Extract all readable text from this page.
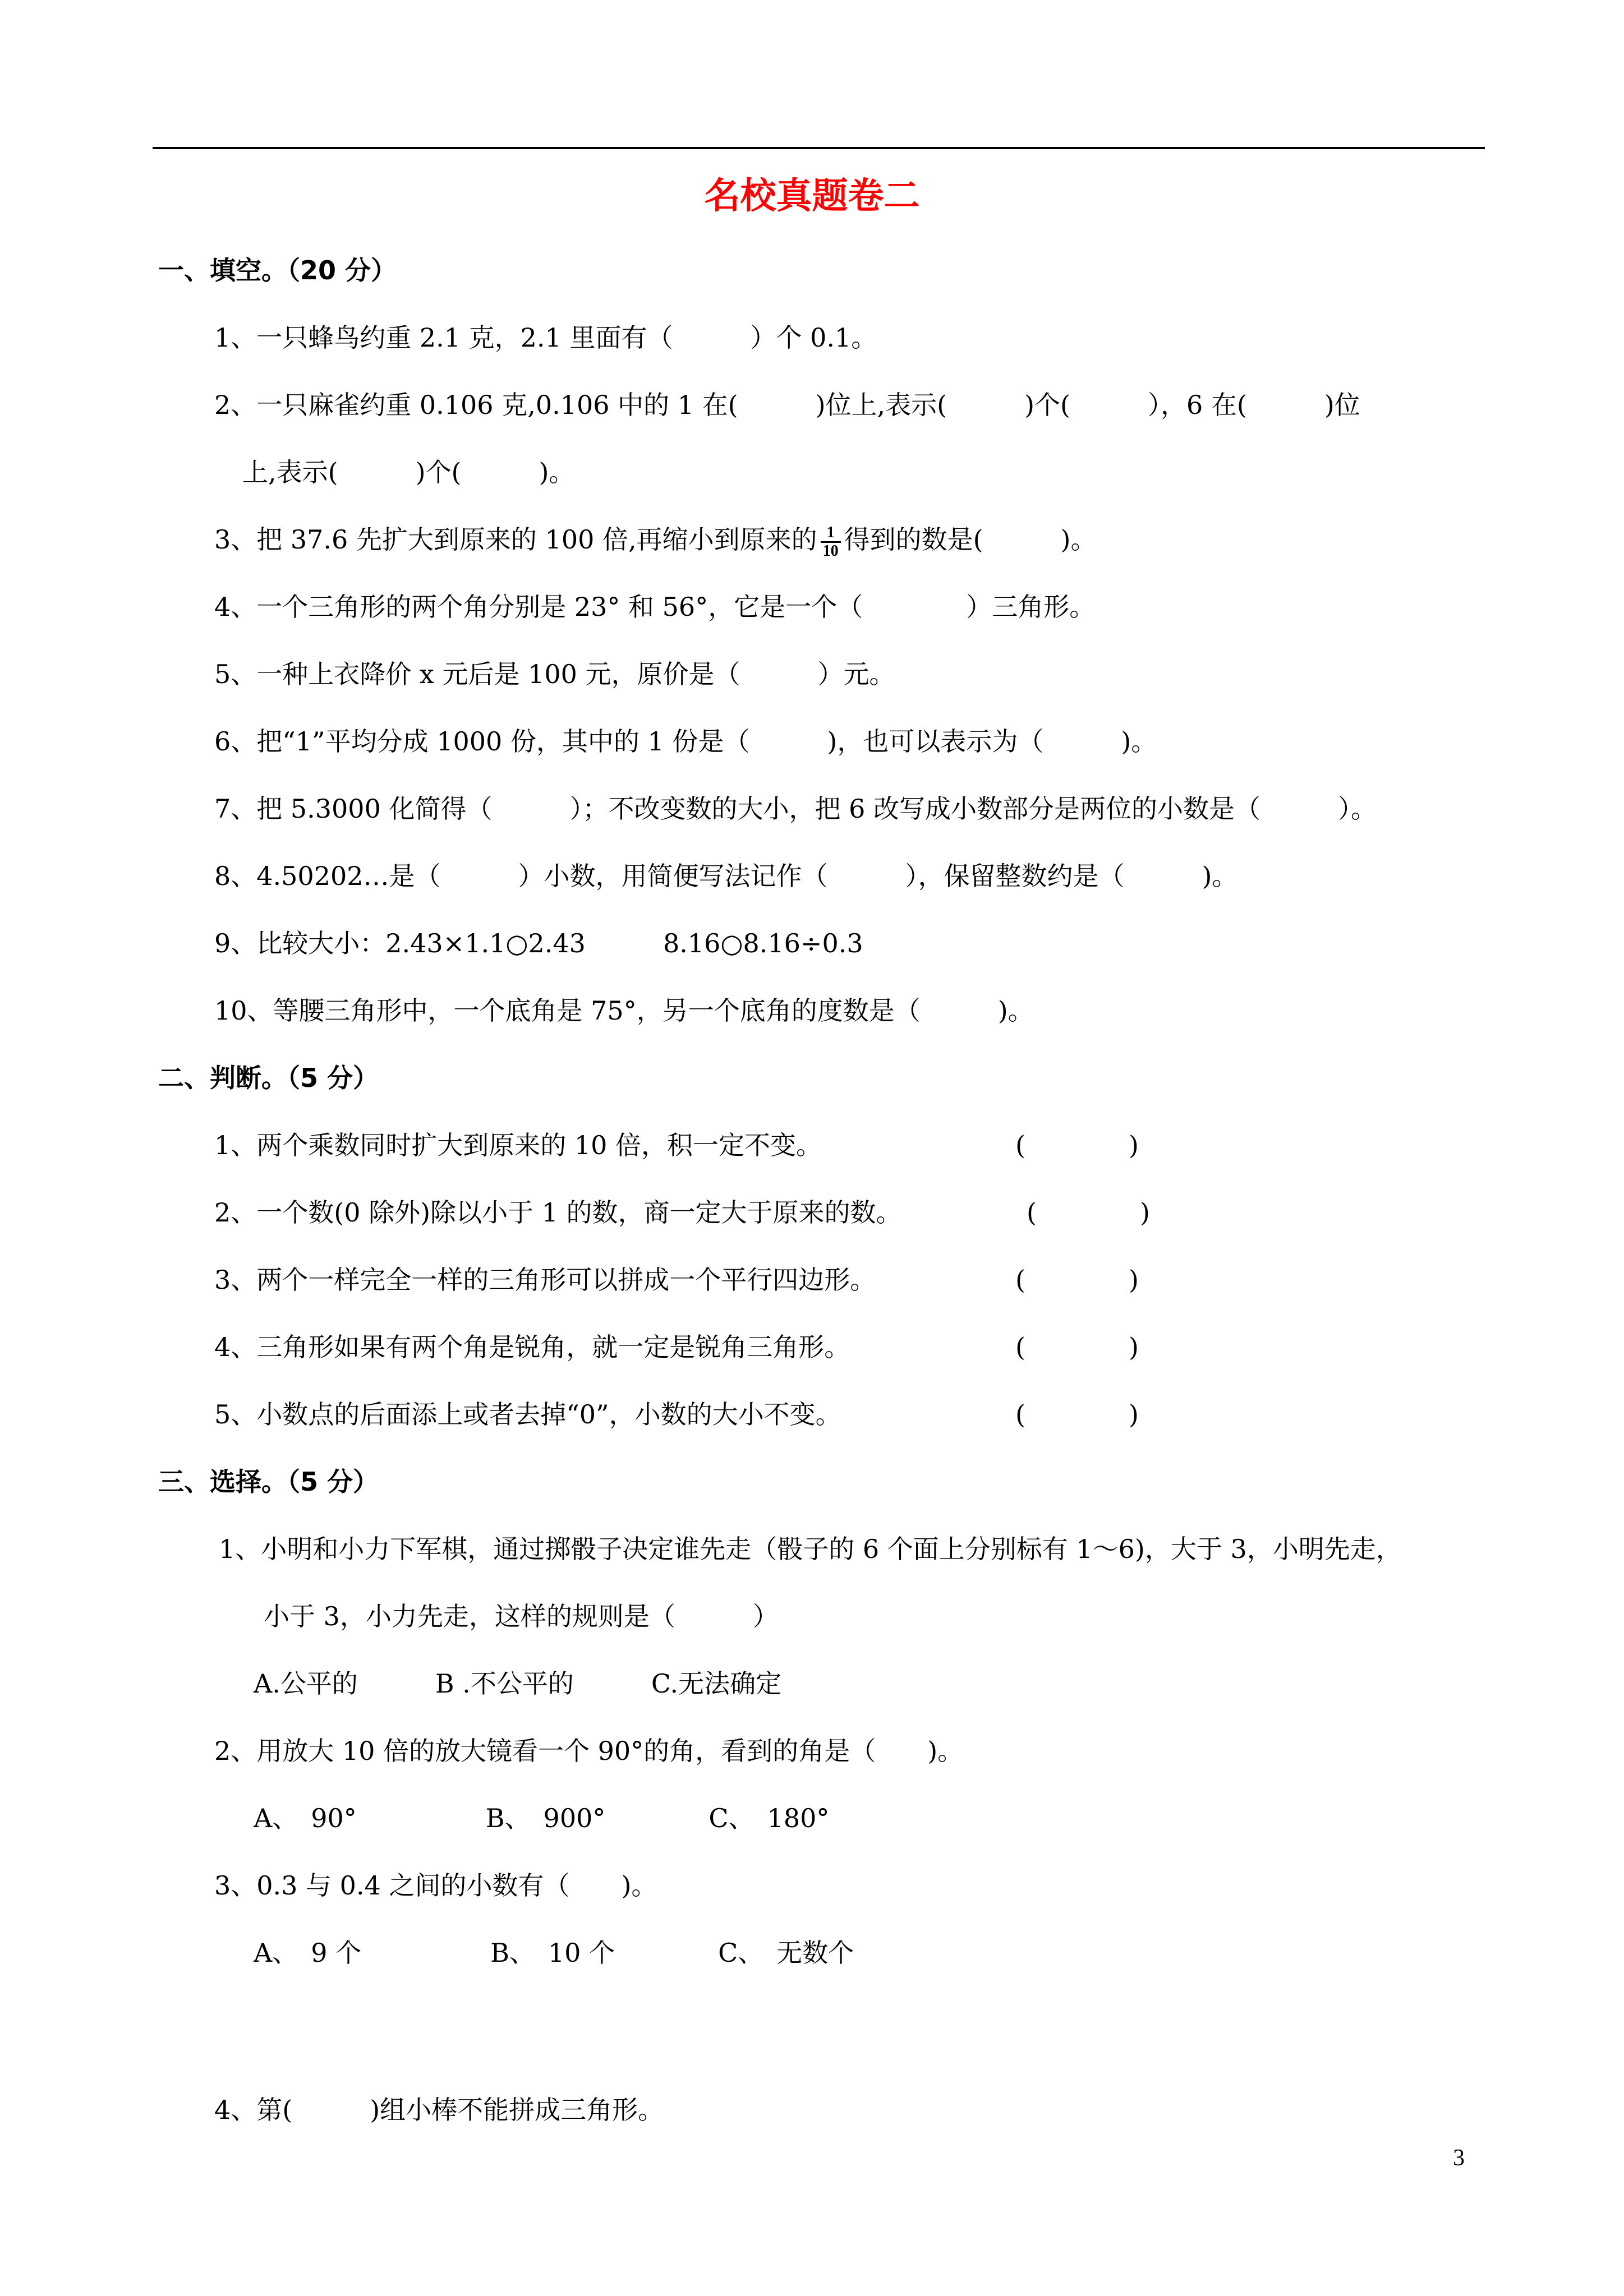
名校真题卷二
一、填空。（20 分）
1、一只蜂鸟约重 2.1 克，2.1 里面有（　　　）个 0.1。
2、一只麻雀约重 0.106 克,0.106 中的 1 在(　　　)位上,表示(　　　)个(　　　），6 在(　　　)位
上,表示(　　　)个(　　　)。
3、把 37.6 先扩大到原来的 100 倍,再缩小到原来的 $\frac{1}{10}$ 得到的数是(　　　)。
4、一个三角形的两个角分别是 23° 和 56°，它是一个（　　　　）三角形。
5、一种上衣降价 x 元后是 100 元，原价是（　　　）元。
6、把“1”平均分成 1000 份，其中的 1 份是（　　　)，也可以表示为（　　　)。
7、把 5.3000 化简得（　　　）；不改变数的大小，把 6 改写成小数部分是两位的小数是（　　　）。
8、4.50202…是（　　　）小数，用简便写法记作（　　　），保留整数约是（　　　)。
9、比较大小：2.43×1.1○2.43　　　8.16○8.16÷0.3
10、等腰三角形中，一个底角是 75°，另一个底角的度数是（　　　)。
二、判断。（5 分）
1、两个乘数同时扩大到原来的 10 倍，积一定不变。	(　　　　)
2、一个数(0 除外)除以小于 1 的数，商一定大于原来的数。	(　　　　)
3、两个一样完全一样的三角形可以拼成一个平行四边形。	(　　　　)
4、三角形如果有两个角是锐角，就一定是锐角三角形。	(　　　　)
5、小数点的后面添上或者去掉“0”，小数的大小不变。	(　　　　)
三、选择。（5 分）
1、小明和小力下军棋，通过掷骰子决定谁先走（骰子的 6 个面上分别标有 1～6)，大于 3，小明先走，
小于 3，小力先走，这样的规则是（　　　）
A.公平的　　　B .不公平的　　　C.无法确定
2、用放大 10 倍的放大镜看一个 90°的角，看到的角是（　　)。
A、　90°　　　　　B、　900°　　　　C、　180°
3、0.3 与 0.4 之间的小数有（　　)。
A、　9 个　　　　　B、　10 个　　　　C、　无数个
4、第(　　　)组小棒不能拼成三角形。
3
